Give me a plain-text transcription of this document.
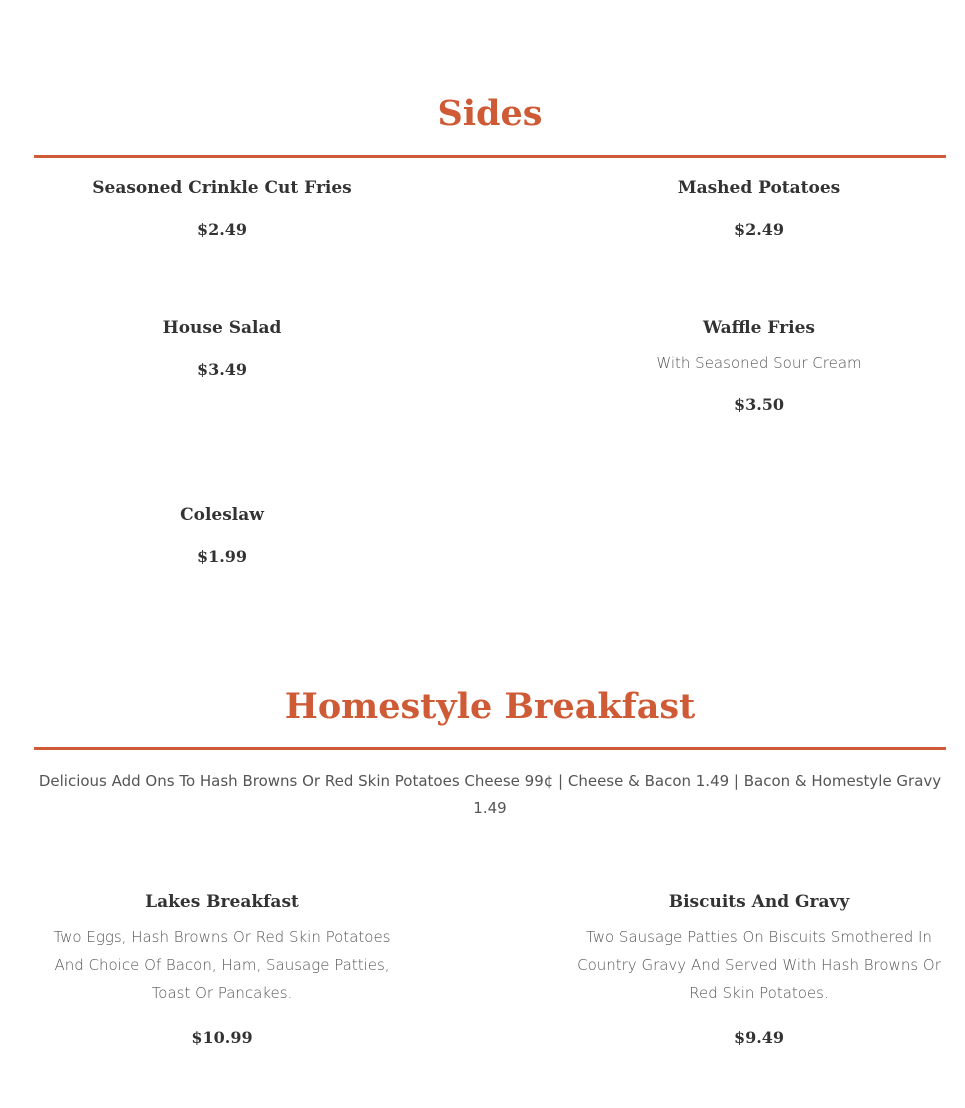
Sides

Seasoned Crinkle Cut Fries

$2.49

Mashed Potatoes

$2.49

House Salad

$3.49

Waffle Fries

With Seasoned Sour Cream

$3.50

Coleslaw

$1.99

Homestyle Breakfast

Delicious Add Ons To Hash Browns Or Red Skin Potatoes Cheese 99¢ | Cheese & Bacon 1.49 | Bacon & Homestyle Gravy 1.49

Lakes Breakfast

Two Eggs, Hash Browns Or Red Skin Potatoes And Choice Of Bacon, Ham, Sausage Patties, Toast Or Pancakes.

$10.99

Biscuits And Gravy

Two Sausage Patties On Biscuits Smothered In Country Gravy And Served With Hash Browns Or Red Skin Potatoes.

$9.49
